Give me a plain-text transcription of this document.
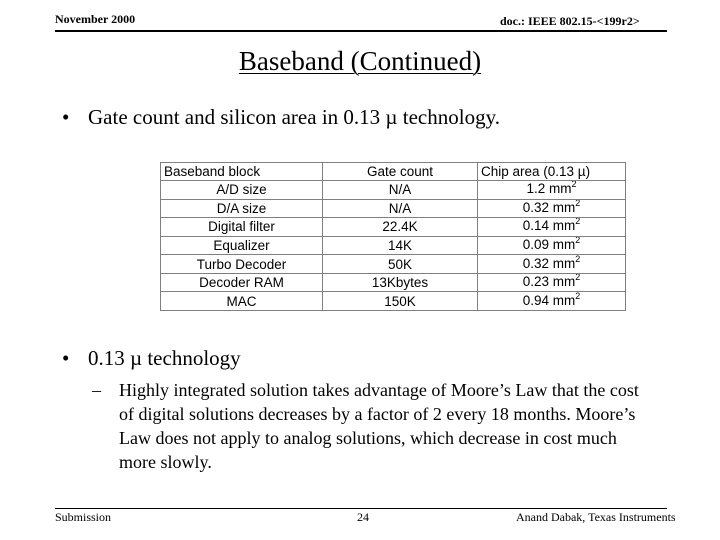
November 2000	doc.: IEEE 802.15-<199r2>
Baseband (Continued)
• Gate count and silicon area in 0.13 µ technology.
Baseband block	Gate count	Chip area (0.13 µ)
A/D size	N/A	1.2 $mm^2$
D/A size	N/A	0.32 $mm^2$
Digital filter	22.4K	0.14 $mm^2$
Equalizer	14K	0.09 $mm^2$
Turbo Decoder	50K	0.32 $mm^2$
Decoder RAM	13Kbytes	0.23 $mm^2$
MAC	150K	0.94 $mm^2$
• 0.13 µ technology
–	Highly integrated solution takes advantage of Moore’s Law that the cost of digital solutions decreases by a factor of 2 every 18 months. Moore’s Law does not apply to analog solutions, which decrease in cost much more slowly.
Submission	24	Anand Dabak, Texas Instruments
